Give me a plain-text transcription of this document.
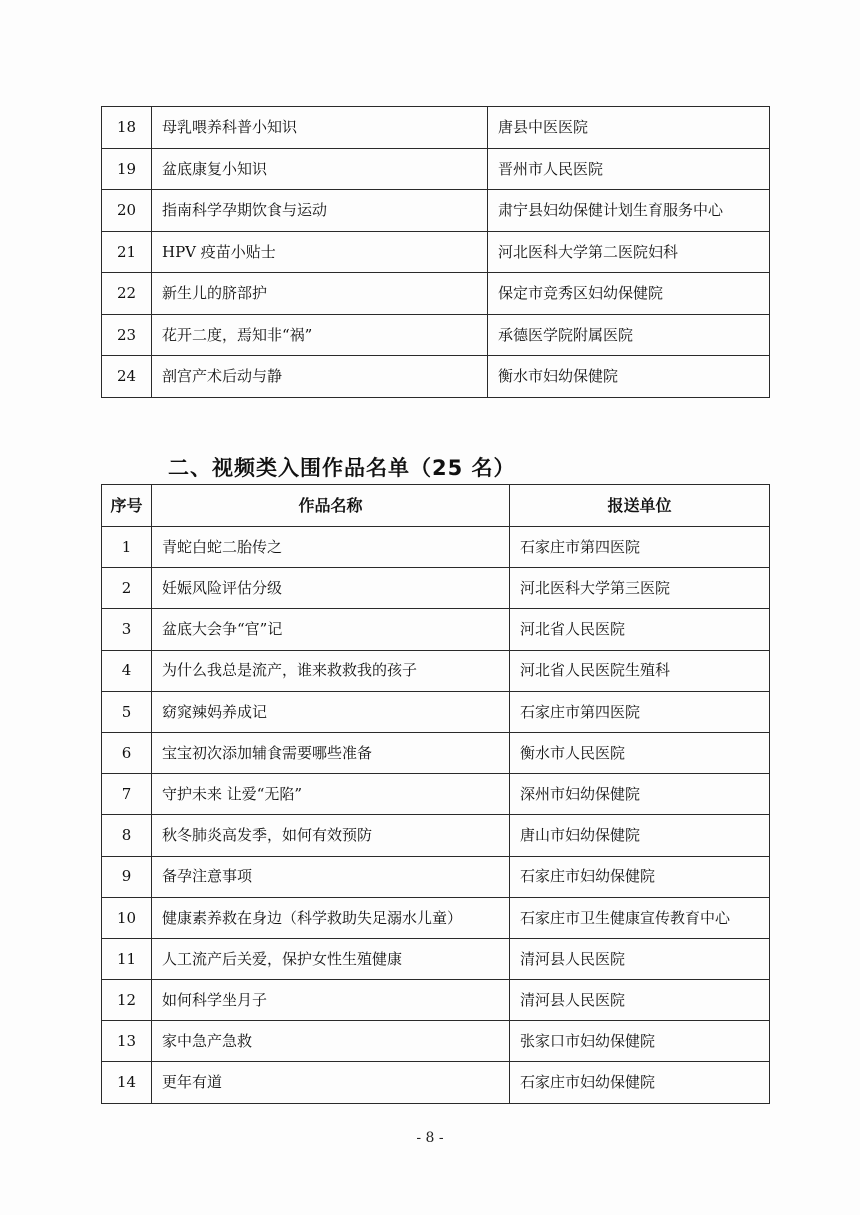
18	母乳喂养科普小知识	唐县中医医院
19	盆底康复小知识	晋州市人民医院
20	指南科学孕期饮食与运动	肃宁县妇幼保健计划生育服务中心
21	HPV 疫苗小贴士	河北医科大学第二医院妇科
22	新生儿的脐部护	保定市竞秀区妇幼保健院
23	花开二度，焉知非“祸”	承德医学院附属医院
24	剖宫产术后动与静	衡水市妇幼保健院
二、视频类入围作品名单（25 名）
序号	作品名称	报送单位
1	青蛇白蛇二胎传之	石家庄市第四医院
2	妊娠风险评估分级	河北医科大学第三医院
3	盆底大会争“官”记	河北省人民医院
4	为什么我总是流产，谁来救救我的孩子	河北省人民医院生殖科
5	窈窕辣妈养成记	石家庄市第四医院
6	宝宝初次添加辅食需要哪些准备	衡水市人民医院
7	守护未来 让爱“无陷”	深州市妇幼保健院
8	秋冬肺炎高发季，如何有效预防	唐山市妇幼保健院
9	备孕注意事项	石家庄市妇幼保健院
10	健康素养救在身边（科学救助失足溺水儿童）	石家庄市卫生健康宣传教育中心
11	人工流产后关爱，保护女性生殖健康	清河县人民医院
12	如何科学坐月子	清河县人民医院
13	家中急产急救	张家口市妇幼保健院
14	更年有道	石家庄市妇幼保健院
- 8 -
